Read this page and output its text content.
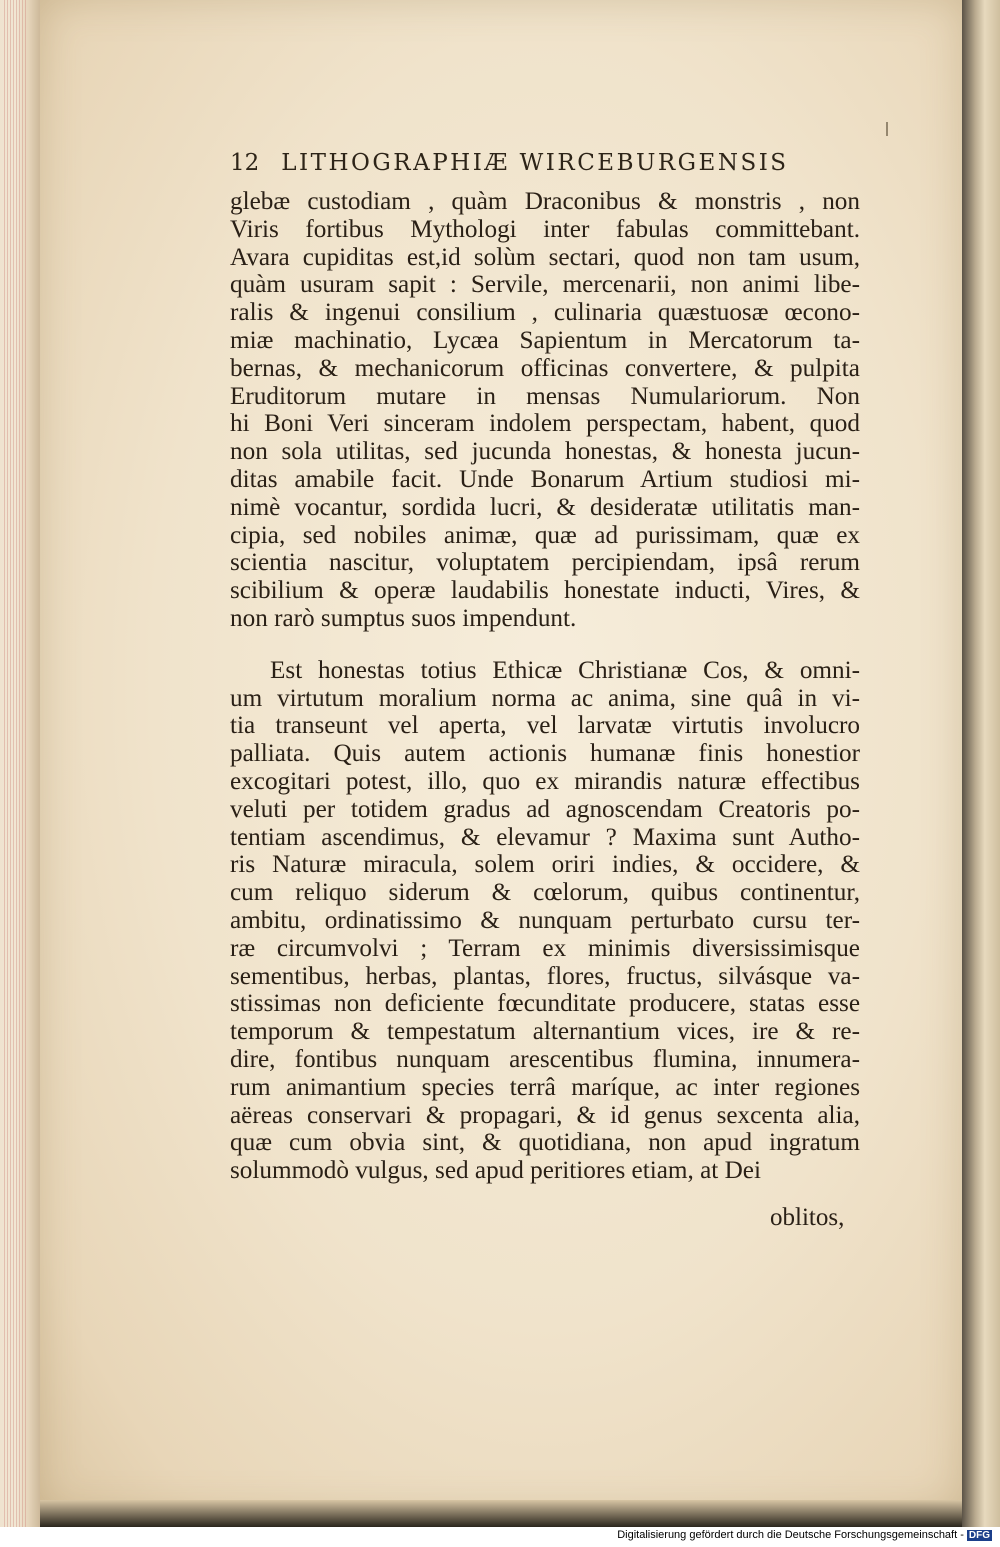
12 LITHOGRAPHIÆ WIRCEBURGENSIS
glebæ custodiam , quàm Draconibus & monstris , non
Viris fortibus Mythologi inter fabulas committebant.
Avara cupiditas est,id solùm sectari, quod non tam usum,
quàm usuram sapit : Servile, mercenarii, non animi libe-
ralis & ingenui consilium , culinaria quæstuosæ œcono-
miæ machinatio, Lycæa Sapientum in Mercatorum ta-
bernas, & mechanicorum officinas convertere, & pulpita
Eruditorum mutare in mensas Numulariorum. Non
hi Boni Veri sinceram indolem perspectam, habent, quod
non sola utilitas, sed jucunda honestas, & honesta jucun-
ditas amabile facit. Unde Bonarum Artium studiosi mi-
nimè vocantur, sordida lucri, & desideratæ utilitatis man-
cipia, sed nobiles animæ, quæ ad purissimam, quæ ex
scientia nascitur, voluptatem percipiendam, ipsâ rerum
scibilium & operæ laudabilis honestate inducti, Vires, &
non rarò sumptus suos impendunt.
Est honestas totius Ethicæ Christianæ Cos, & omni-
um virtutum moralium norma ac anima, sine quâ in vi-
tia transeunt vel aperta, vel larvatæ virtutis involucro
palliata. Quis autem actionis humanæ finis honestior
excogitari potest, illo, quo ex mirandis naturæ effectibus
veluti per totidem gradus ad agnoscendam Creatoris po-
tentiam ascendimus, & elevamur ? Maxima sunt Autho-
ris Naturæ miracula, solem oriri indies, & occidere, &
cum reliquo siderum & cœlorum, quibus continentur,
ambitu, ordinatissimo & nunquam perturbato cursu ter-
ræ circumvolvi ; Terram ex minimis diversissimisque
sementibus, herbas, plantas, flores, fructus, silvásque va-
stissimas non deficiente fœcunditate producere, statas esse
temporum & tempestatum alternantium vices, ire & re-
dire, fontibus nunquam arescentibus flumina, innumera-
rum animantium species terrâ maríque, ac inter regiones
aëreas conservari & propagari, & id genus sexcenta alia,
quæ cum obvia sint, & quotidiana, non apud ingratum
solummodò vulgus, sed apud peritiores etiam, at Dei
oblitos,
Digitalisierung gefördert durch die Deutsche Forschungsgemeinschaft - DFG
